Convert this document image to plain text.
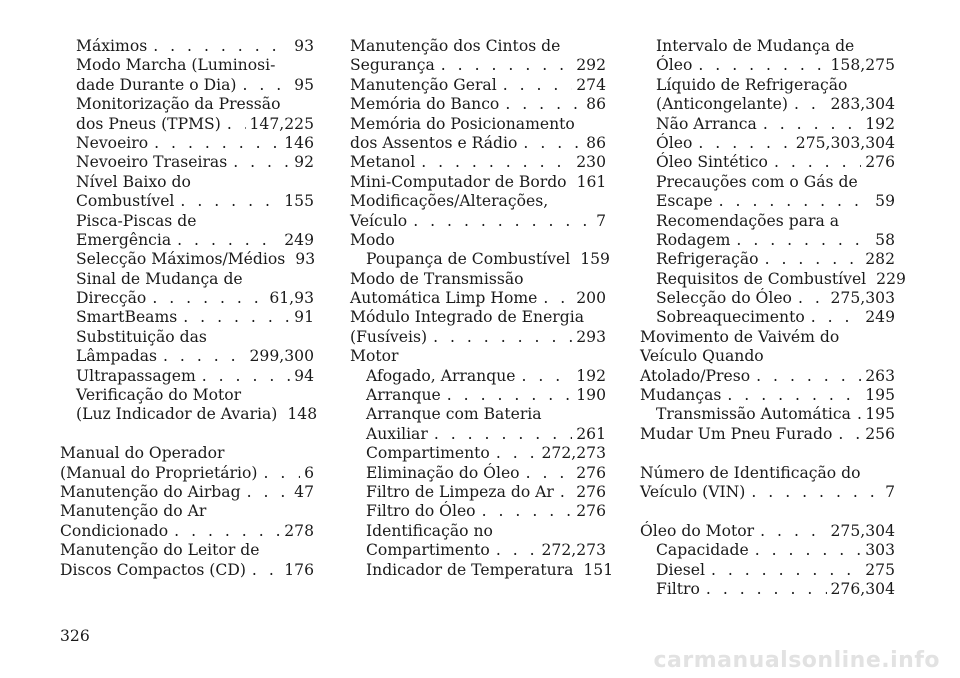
Máximos . . .	93
Modo Marcha (Luminosi-
dade Durante o Dia) . . .	95
Monitorização da Pressão
dos Pneus (TPMS) . . . 147,225
Nevoeiro . . .	146
Nevoeiro Traseiras . . .	92
Nível Baixo do
Combustível . . .	155
Pisca-Piscas de
Emergência . . .	249
Selecção Máximos/Médios . . . 93
Sinal de Mudança de
Direcção . . .	61,93
SmartBeams . . .	91
Substituição das
Lâmpadas . . .	299,300
Ultrapassagem . . .	94
Verificação do Motor
(Luz Indicador de Avaria) . . . 148
Manual do Operador
(Manual do Proprietário) . . .	6
Manutenção do Airbag . . .	47
Manutenção do Ar
Condicionado . . .	278
Manutenção do Leitor de
Discos Compactos (CD) . . . 176
Manutenção dos Cintos de
Segurança . . .	292
Manutenção Geral . . .	274
Memória do Banco . . .	86
Memória do Posicionamento
dos Assentos e Rádio . . .	86
Metanol . . .	230
Mini-Computador de Bordo . . . 161
Modificações/Alterações,
Veículo . . .	7
Modo
Poupança de Combustível . . . 159
Modo de Transmissão
Automática Limp Home . . . 200
Módulo Integrado de Energia
(Fusíveis) . . .	293
Motor
Afogado, Arranque . . .	192
Arranque . . .	190
Arranque com Bateria
Auxiliar . . .	261
Compartimento . . .	272,273
Eliminação do Óleo . . .	276
Filtro de Limpeza do Ar . . . 276
Filtro do Óleo . . .	276
Identificação no
Compartimento . . .	272,273
Indicador de Temperatura . . . 151
Intervalo de Mudança de
Óleo . . .	158,275
Líquido de Refrigeração
(Anticongelante) . . .	283,304
Não Arranca . . .	192
Óleo . . .	275,303,304
Óleo Sintético . . .	276
Precauções com o Gás de
Escape . . .	59
Recomendações para a
Rodagem . . .	58
Refrigeração . . .	282
Requisitos de Combustível . . . 229
Selecção do Óleo . . . 275,303
Sobreaquecimento . . .	249
Movimento de Vaivém do
Veículo Quando
Atolado/Preso . . .	263
Mudanças . . .	195
Transmissão Automática . . . 195
Mudar Um Pneu Furado . . . 256
Número de Identificação do
Veículo (VIN) . . .	7
Óleo do Motor . . .	275,304
Capacidade . . .	303
Diesel . . .	275
Filtro . . .	276,304
326
carmanualsonline.info
